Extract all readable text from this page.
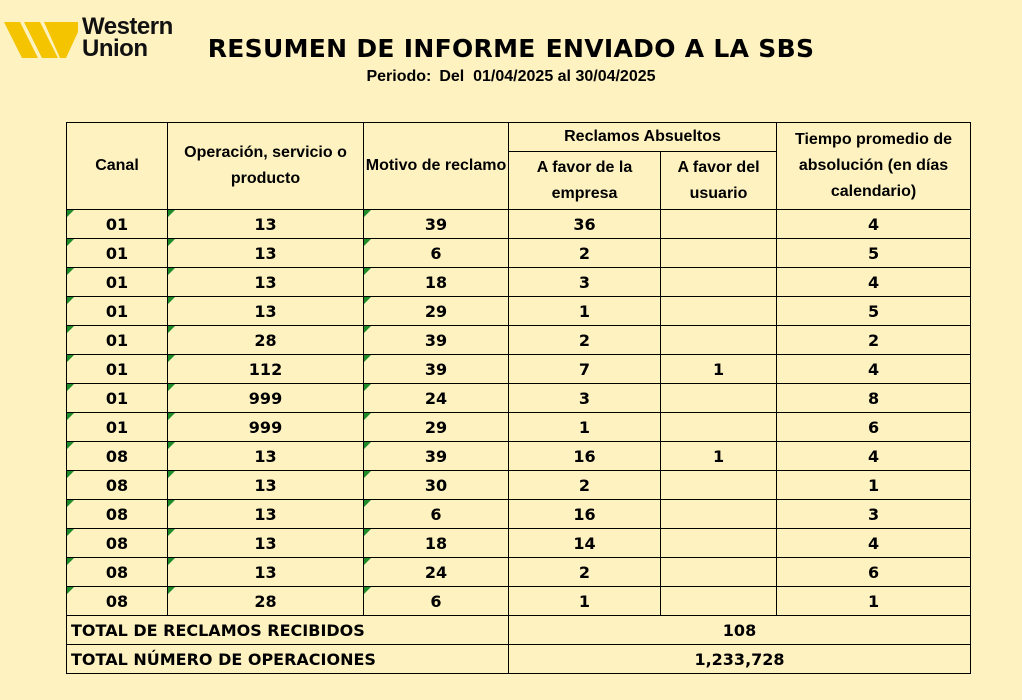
Western
Union	RESUMEN DE INFORME ENVIADO A LA SBS
Periodo: Del  01/04/2025 al 30/04/2025
Canal	Operación, servicio o producto	Motivo de reclamo	Reclamos Absueltos		Tiempo promedio de absolución (en días calendario)
			A favor de la empresa	A favor del usuario	
01	13	39	36		4
01	13	6	2		5
01	13	18	3		4
01	13	29	1		5
01	28	39	2		2
01	112	39	7	1	4
01	999	24	3		8
01	999	29	1		6
08	13	39	16	1	4
08	13	30	2		1
08	13	6	16		3
08	13	18	14		4
08	13	24	2		6
08	28	6	1		1
TOTAL DE RECLAMOS RECIBIDOS			108		
TOTAL NÚMERO DE OPERACIONES			1,233,728		
